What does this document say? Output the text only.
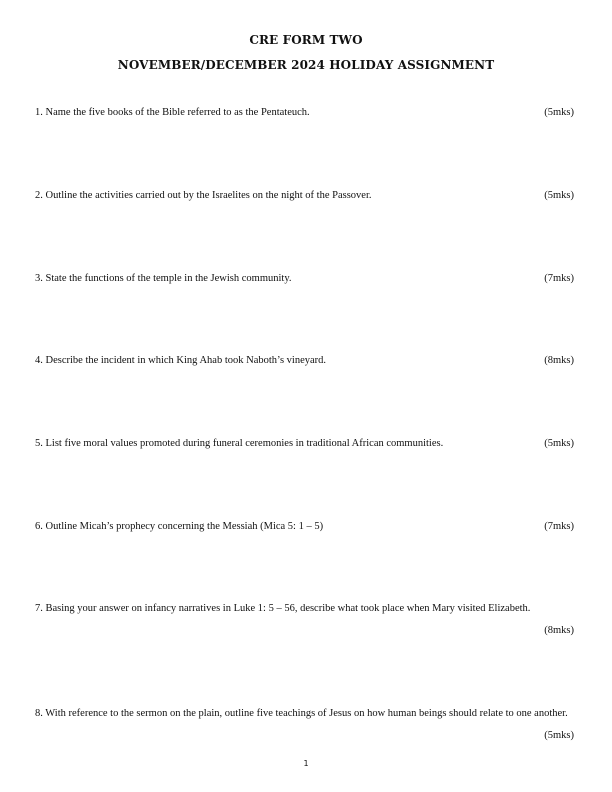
CRE FORM TWO
NOVEMBER/DECEMBER 2024 HOLIDAY ASSIGNMENT
1. Name the five books of the Bible referred to as the Pentateuch.	(5mks)
2. Outline the activities carried out by the Israelites on the night of the Passover.	(5mks)
3. State the functions of the temple in the Jewish community.	(7mks)
4. Describe the incident in which King Ahab took Naboth’s vineyard.	(8mks)
5. List five moral values promoted during funeral ceremonies in traditional African communities.	(5mks)
6. Outline Micah’s prophecy concerning the Messiah (Mica 5: 1 – 5)	(7mks)
7. Basing your answer on infancy narratives in Luke 1: 5 – 56, describe what took place when Mary visited Elizabeth.
(8mks)
8. With reference to the sermon on the plain, outline five teachings of Jesus on how human beings should relate to one another.
(5mks)
1
